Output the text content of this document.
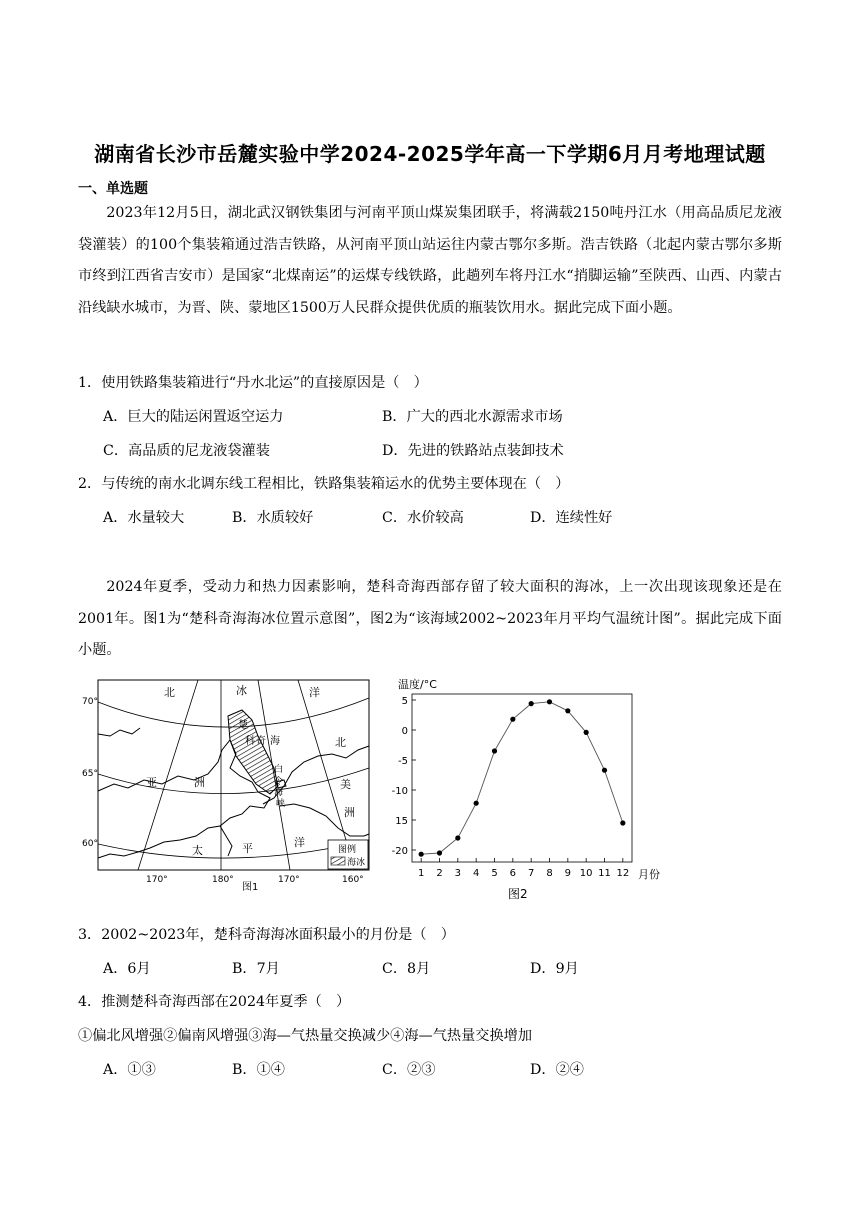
湖南省长沙市岳麓实验中学2024-2025学年高一下学期6月月考地理试题
一、单选题
2023年12月5日，湖北武汉钢铁集团与河南平顶山煤炭集团联手，将满载2150吨丹江水（用高品质尼龙液袋灌装）的100个集装箱通过浩吉铁路，从河南平顶山站运往内蒙古鄂尔多斯。浩吉铁路（北起内蒙古鄂尔多斯市终到江西省吉安市）是国家“北煤南运”的运煤专线铁路，此趟列车将丹江水“捎脚运输”至陕西、山西、内蒙古沿线缺水城市，为晋、陕、蒙地区1500万人民群众提供优质的瓶装饮用水。据此完成下面小题。
1．使用铁路集装箱进行“丹水北运”的直接原因是（　）
A．巨大的陆运闲置返空运力	B．广大的西北水源需求市场
C．高品质的尼龙液袋灌装	D．先进的铁路站点装卸技术
2．与传统的南水北调东线工程相比，铁路集装箱运水的优势主要体现在（　）
A．水量较大	B．水质较好	C．水价较高	D．连续性好
2024年夏季，受动力和热力因素影响，楚科奇海西部存留了较大面积的海冰，上一次出现该现象还是在2001年。图1为“楚科奇海海冰位置示意图”，图2为“该海域2002~2023年月平均气温统计图”。据此完成下面小题。
70°
65°
60°
170°	180°	170°	160°
北	冰	洋
北
亚	洲	美
洲
太	平	洋
楚
科 奇 海
白
令
海
峡
图例
海冰
图1
温度/°C
5
0
-5
-10
15
-20
1 2 3 4 5 6 7 8 9 10 11 12 月份
图2
3．2002~2023年，楚科奇海海冰面积最小的月份是（　）
A．6月	B．7月	C．8月	D．9月
4．推测楚科奇海西部在2024年夏季（　）
①偏北风增强②偏南风增强③海—气热量交换减少④海—气热量交换增加
A．①③	B．①④	C．②③	D．②④
